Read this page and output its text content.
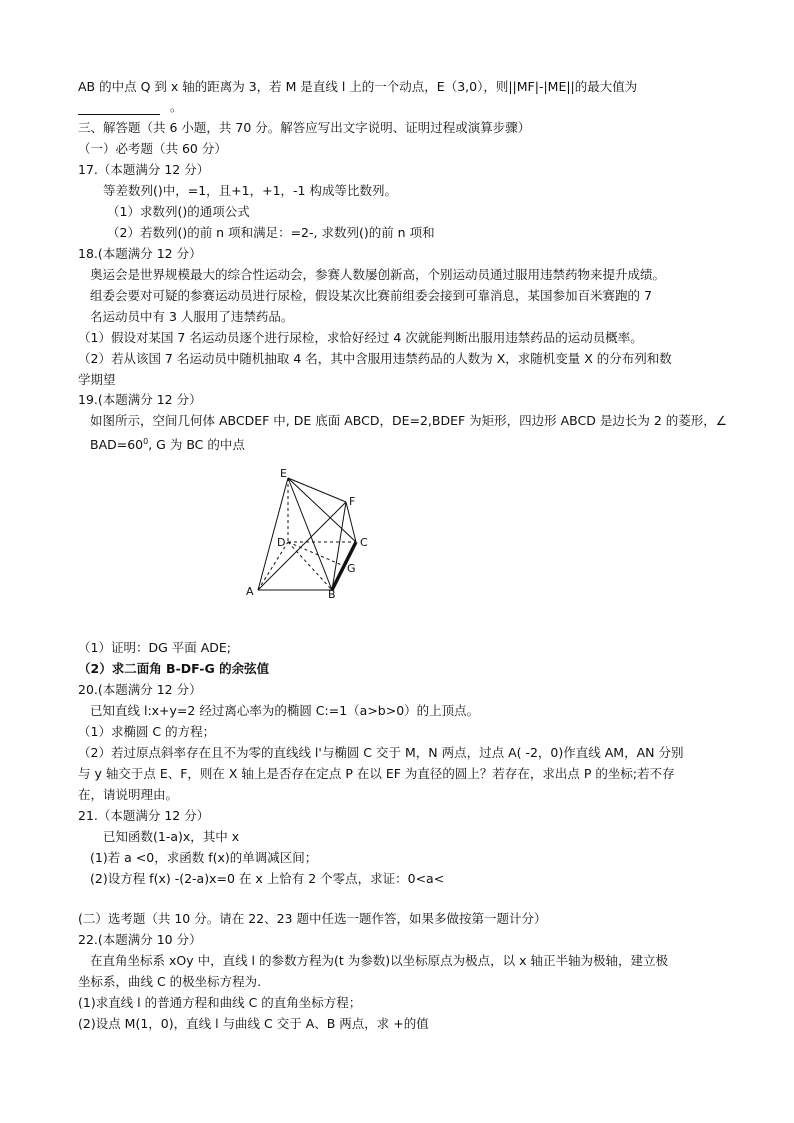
AB 的中点 Q 到 x 轴的距离为 3，若 M 是直线 l 上的一个动点，E（3,0），则||MF|-|ME||的最大值为
。
三、解答题（共 6 小题，共 70 分。解答应写出文字说明、证明过程或演算步骤）
（一）必考题（共 60 分）
17.（本题满分 12 分）
等差数列()中，=1，且+1，+1，-1 构成等比数列。
（1）求数列()的通项公式
（2）若数列()的前 n 项和满足：=2-, 求数列()的前 n 项和
18.(本题满分 12 分）
奥运会是世界规模最大的综合性运动会，参赛人数屡创新高，个别运动员通过服用违禁药物来提升成绩。
组委会要对可疑的参赛运动员进行尿检，假设某次比赛前组委会接到可靠消息，某国参加百米赛跑的 7
名运动员中有 3 人服用了违禁药品。
（1）假设对某国 7 名运动员逐个进行尿检，求恰好经过 4 次就能判断出服用违禁药品的运动员概率。
（2）若从该国 7 名运动员中随机抽取 4 名，其中含服用违禁药品的人数为 X，求随机变量 X 的分布列和数
学期望
19.(本题满分 12 分）
如图所示，空间几何体 ABCDEF 中, DE 底面 ABCD，DE=2,BDEF 为矩形，四边形 ABCD 是边长为 2 的菱形，∠
$BAD=60^0$, G 为 BC 的中点
E
F
D	C
G
A	B
（1）证明：DG 平面 ADE;
（2）求二面角 B-DF-G 的余弦值
20.(本题满分 12 分）
已知直线 l:x+y=2 经过离心率为的椭圆 C:=1（a>b>0）的上顶点。
（1）求椭圆 C 的方程；
（2）若过原点斜率存在且不为零的直线线 l'与椭圆 C 交于 M，N 两点，过点 A( -2，0)作直线 AM，AN 分别
与 y 轴交于点 E、F，则在 X 轴上是否存在定点 P 在以 EF 为直径的圆上？若存在，求出点 P 的坐标;若不存
在，请说明理由。
21.（本题满分 12 分）
已知函数(1-a)x，其中 x
(1)若 a <0，求函数 f(x)的单调减区间；
(2)设方程 f(x) -(2-a)x=0 在 x 上恰有 2 个零点，求证：0<a<
(二）选考题（共 10 分。请在 22、23 题中任选一题作答，如果多做按第一题计分）
22.(本题满分 10 分）
在直角坐标系 xOy 中，直线 l 的参数方程为(t 为参数)以坐标原点为极点，以 x 轴正半轴为极轴，建立极
坐标系，曲线 C 的极坐标方程为.
(1)求直线 l 的普通方程和曲线 C 的直角坐标方程；
(2)设点 M(1，0)，直线 l 与曲线 C 交于 A、B 两点，求 +的值
